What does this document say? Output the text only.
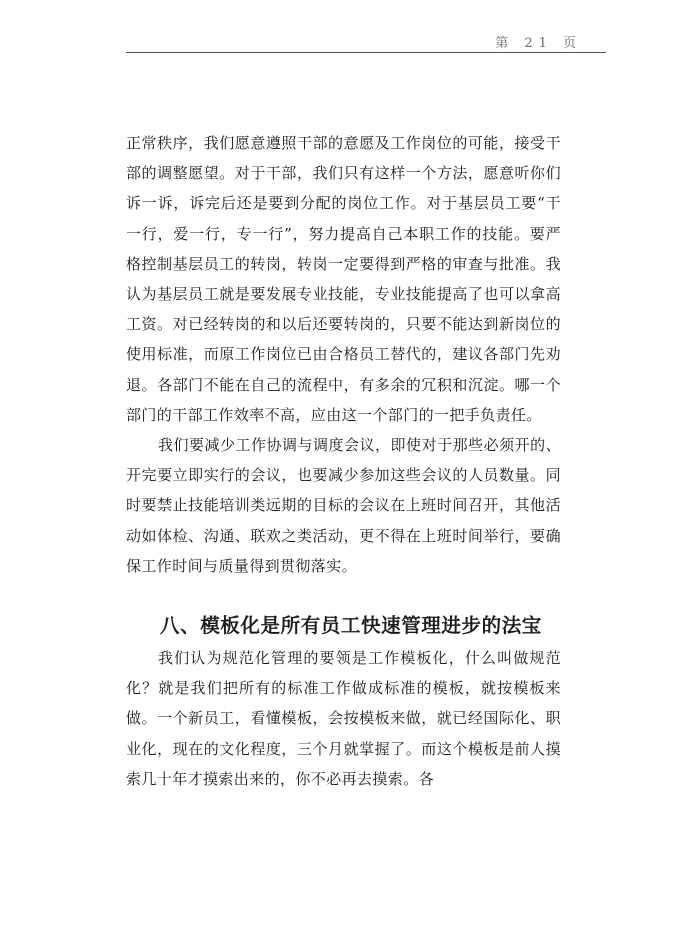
第 21 页

正常秩序，我们愿意遵照干部的意愿及工作岗位的可能，接受干部的调整愿望。对于干部，我们只有这样一个方法，愿意听你们诉一诉，诉完后还是要到分配的岗位工作。对于基层员工要“干一行，爱一行，专一行”，努力提高自己本职工作的技能。要严格控制基层员工的转岗，转岗一定要得到严格的审查与批准。我认为基层员工就是要发展专业技能，专业技能提高了也可以拿高工资。对已经转岗的和以后还要转岗的，只要不能达到新岗位的使用标准，而原工作岗位已由合格员工替代的，建议各部门先劝退。各部门不能在自己的流程中，有多余的冗积和沉淀。哪一个部门的干部工作效率不高，应由这一个部门的一把手负责任。

我们要减少工作协调与调度会议，即使对于那些必须开的、开完要立即实行的会议，也要减少参加这些会议的人员数量。同时要禁止技能培训类远期的目标的会议在上班时间召开，其他活动如体检、沟通、联欢之类活动，更不得在上班时间举行，要确保工作时间与质量得到贯彻落实。

八、模板化是所有员工快速管理进步的法宝

我们认为规范化管理的要领是工作模板化，什么叫做规范化？就是我们把所有的标准工作做成标准的模板，就按模板来做。一个新员工，看懂模板，会按模板来做，就已经国际化、职业化，现在的文化程度，三个月就掌握了。而这个模板是前人摸索几十年才摸索出来的，你不必再去摸索。各
